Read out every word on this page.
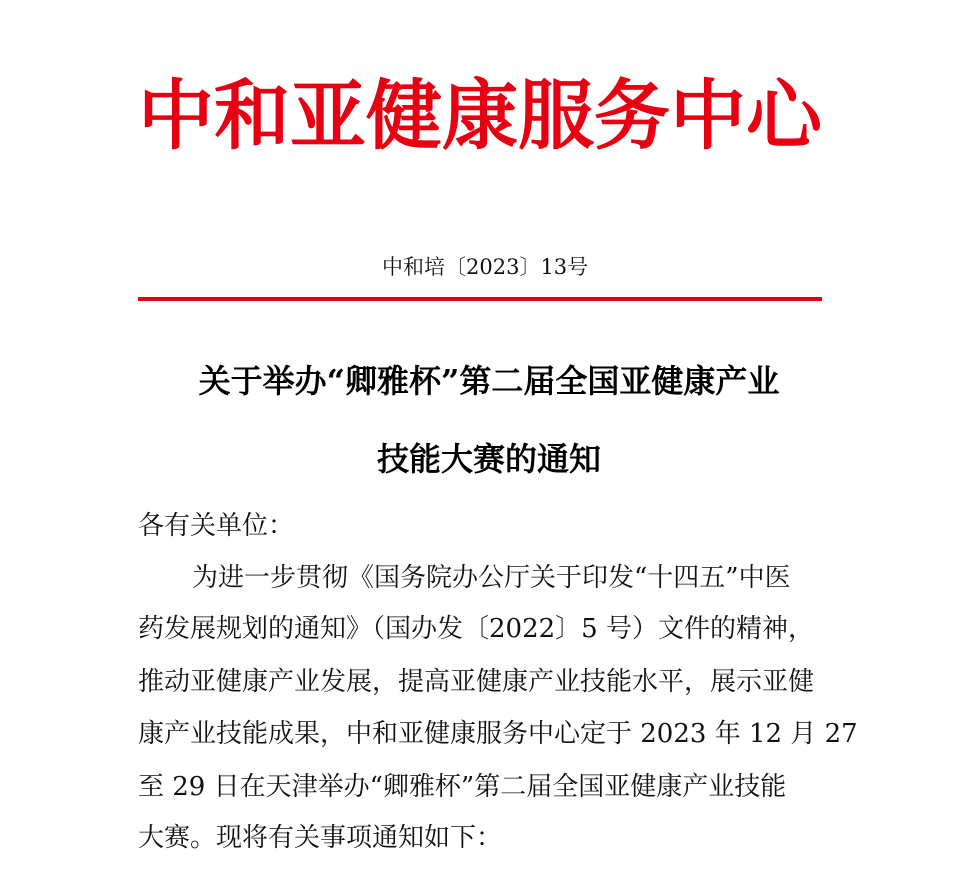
中和亚健康服务中心
中和培〔2023〕13号
关于举办“卿雅杯”第二届全国亚健康产业
技能大赛的通知
各有关单位：
为进一步贯彻《国务院办公厅关于印发“十四五”中医
药发展规划的通知》（国办发〔2022〕5 号）文件的精神，
推动亚健康产业发展，提高亚健康产业技能水平，展示亚健
康产业技能成果，中和亚健康服务中心定于 2023 年 12 月 27
至 29 日在天津举办“卿雅杯”第二届全国亚健康产业技能
大赛。现将有关事项通知如下：
